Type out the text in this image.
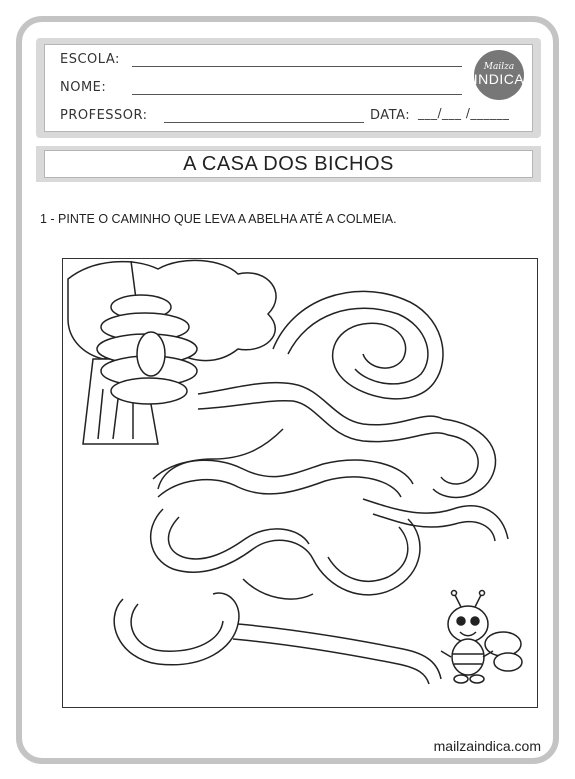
ESCOLA:
NOME:
PROFESSOR:	DATA: ___/___ /______
Mailza
INDICA
A CASA DOS BICHOS
1 - PINTE O CAMINHO QUE LEVA A ABELHA ATÉ A COLMEIA.
mailzaindica.com
